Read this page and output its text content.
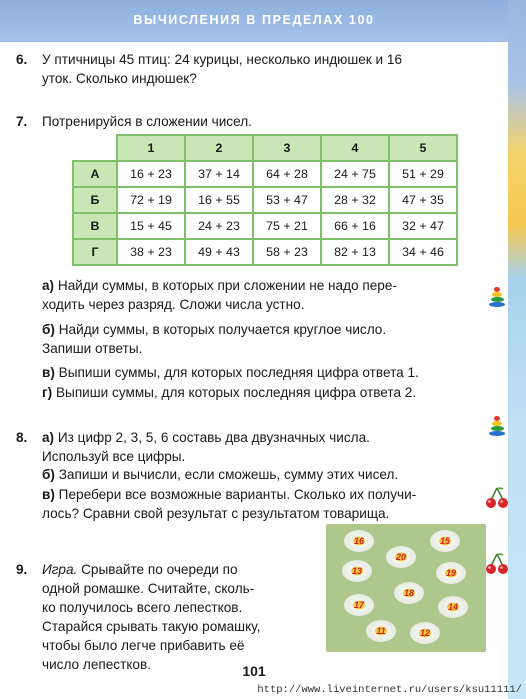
ВЫЧИСЛЕНИЯ В ПРЕДЕЛАХ 100
6.	У птичницы 45 птиц: 24 курицы, несколько индюшек и 16
уток. Сколько индюшек?
7. Потренируйся в сложении чисел.
	1	2	3	4	5
А	16 + 23	37 + 14	64 + 28	24 + 75	51 + 29
Б	72 + 19	16 + 55	53 + 47	28 + 32	47 + 35
В	15 + 45	24 + 23	75 + 21	66 + 16	32 + 47
Г	38 + 23	49 + 43	58 + 23	82 + 13	34 + 46
а) Найди суммы, в которых при сложении не надо пере-
ходить через разряд. Сложи числа устно.
б) Найди суммы, в которых получается круглое число.
Запиши ответы.
в) Выпиши суммы, для которых последняя цифра ответа 1.
г) Выпиши суммы, для которых последняя цифра ответа 2.
8. а) Из цифр 2, 3, 5, 6 составь два двузначных числа.
Используй все цифры.
б) Запиши и вычисли, если сможешь, сумму этих чисел.
в) Перебери все возможные варианты. Сколько их получи-
лось? Сравни свой результат с результатом товарища.
9. Игра. Срывайте по очереди по
одной ромашке. Считайте, сколь-
ко получилось всего лепестков.
Старайся срывать такую ромашку,
чтобы было легче прибавить её
число лепестков.
16
20
15
13	19
17
18
14
11	12
101
http://www.liveinternet.ru/users/ksu11111/
